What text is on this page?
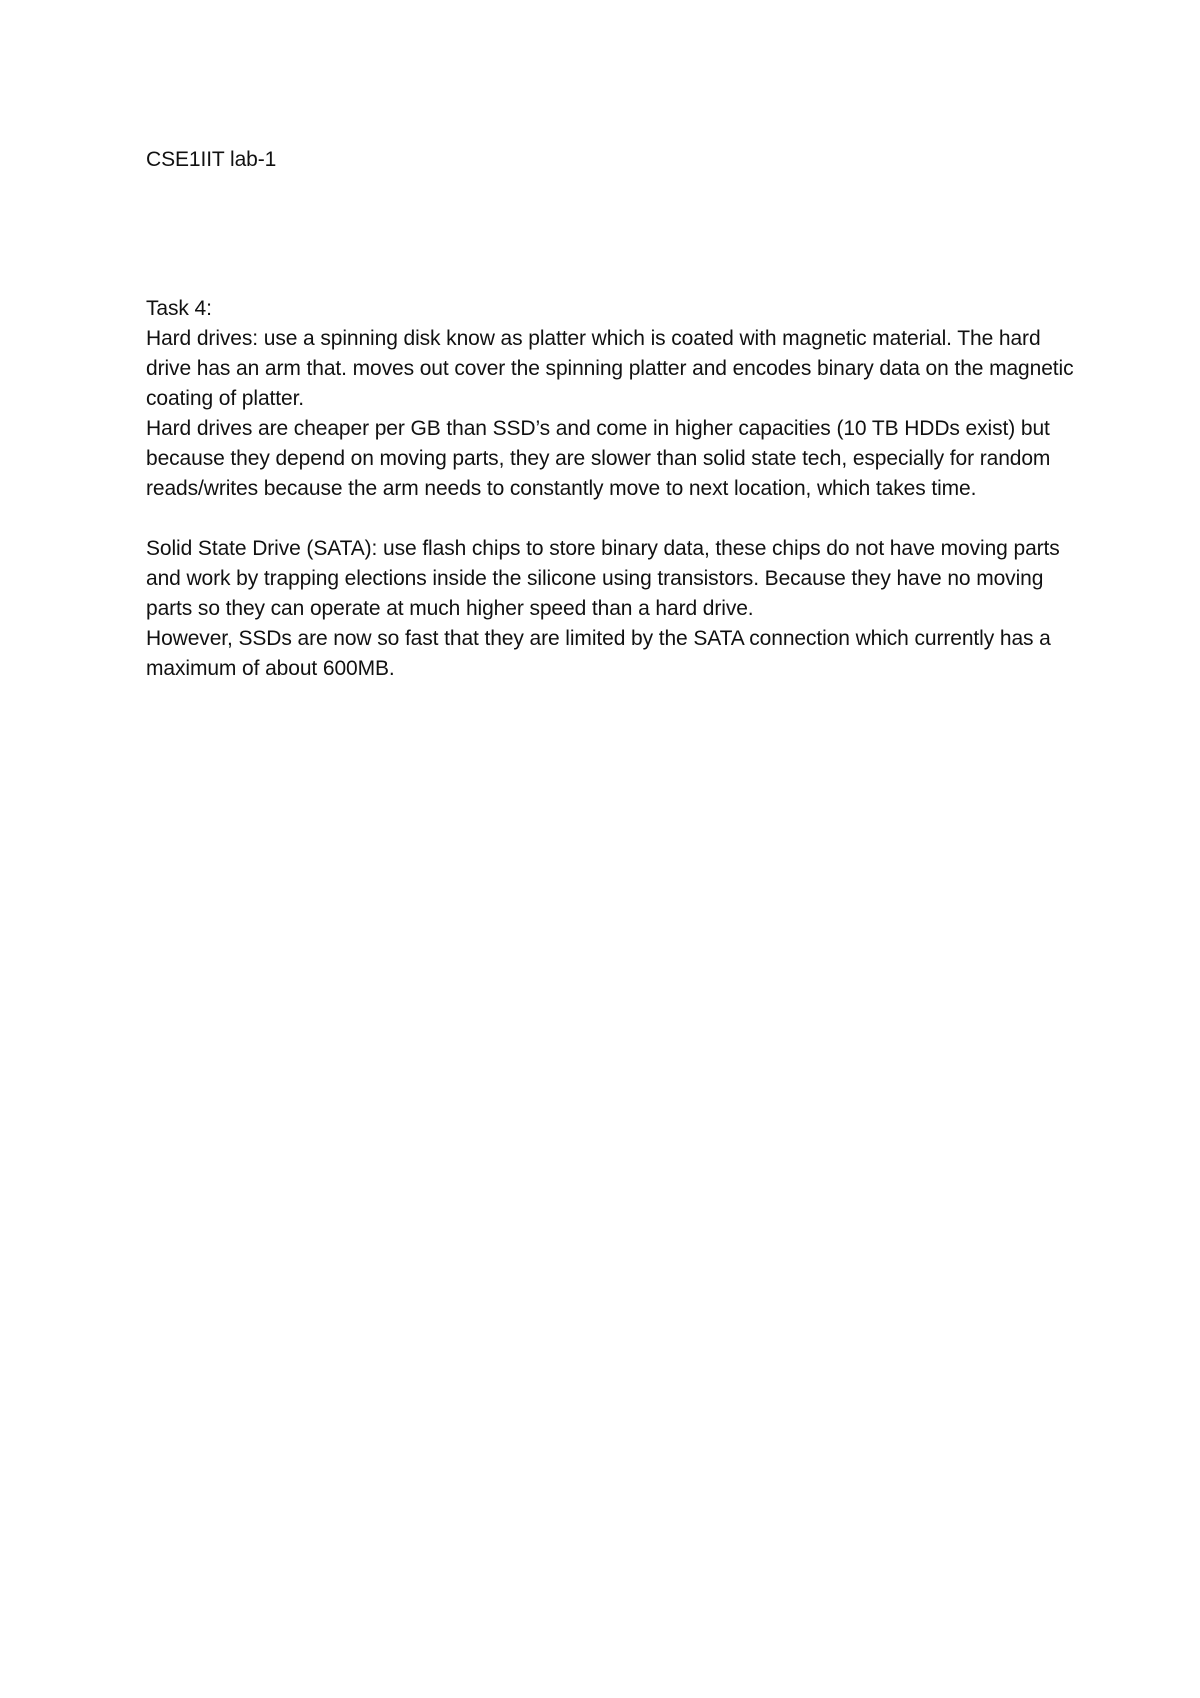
CSE1IIT lab-1

Task 4:

Hard drives: use a spinning disk know as platter which is coated with magnetic material. The hard drive has an arm that. moves out cover the spinning platter and encodes binary data on the magnetic coating of platter.

Hard drives are cheaper per GB than SSD’s and come in higher capacities (10 TB HDDs exist) but because they depend on moving parts, they are slower than solid state tech, especially for random reads/writes because the arm needs to constantly move to next location, which takes time.

Solid State Drive (SATA): use flash chips to store binary data, these chips do not have moving parts and work by trapping elections inside the silicone using transistors. Because they have no moving parts so they can operate at much higher speed than a hard drive.

However, SSDs are now so fast that they are limited by the SATA connection which currently has a maximum of about 600MB.
